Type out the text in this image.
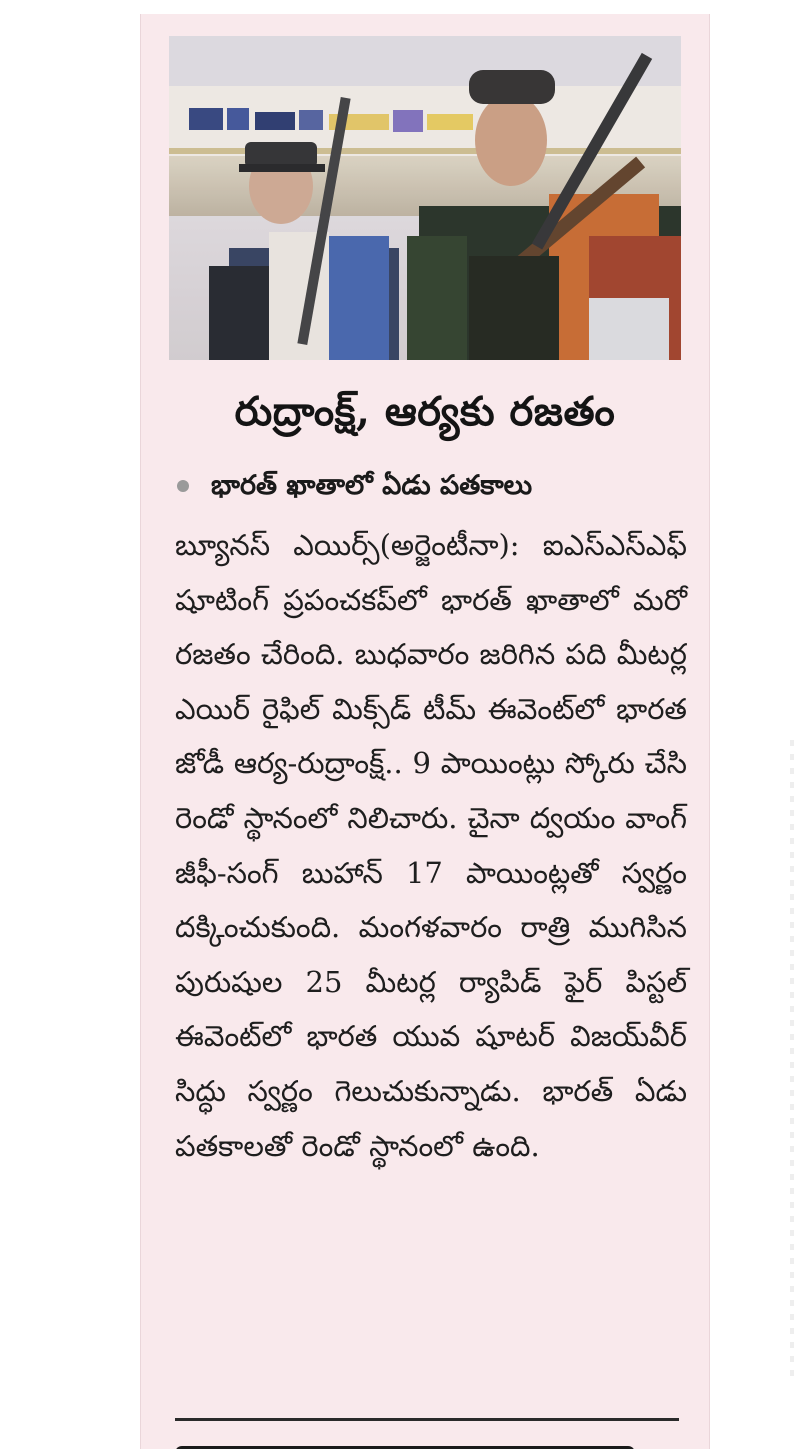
రుద్రాంక్ష్, ఆర్యకు రజతం

భారత్ ఖాతాలో ఏడు పతకాలు

బ్యూనస్ ఎయిర్స్(అర్జెంటీనా): ఐఎస్ఎస్ఎఫ్ షూటింగ్ ప్రపంచకప్‌లో భారత్ ఖాతాలో మరో రజతం చేరింది. బుధవారం జరిగిన పది మీటర్ల ఎయిర్ రైఫిల్ మిక్స్‌డ్ టీమ్ ఈవెంట్‌లో భారత జోడీ ఆర్య-రుద్రాంక్ష్.. 9 పాయింట్లు స్కోరు చేసి రెండో స్థానంలో నిలిచారు. చైనా ద్వయం వాంగ్ జీఫీ-సంగ్ బుహాన్ 17 పాయింట్లతో స్వర్ణం దక్కించుకుంది. మంగళవారం రాత్రి ముగిసిన పురుషుల 25 మీటర్ల ర్యాపిడ్ ఫైర్ పిస్టల్ ఈవెంట్‌లో భారత యువ షూటర్ విజయ్‌వీర్ సిద్ధు స్వర్ణం గెలుచుకున్నాడు. భారత్ ఏడు పతకాలతో రెండో స్థానంలో ఉంది.
